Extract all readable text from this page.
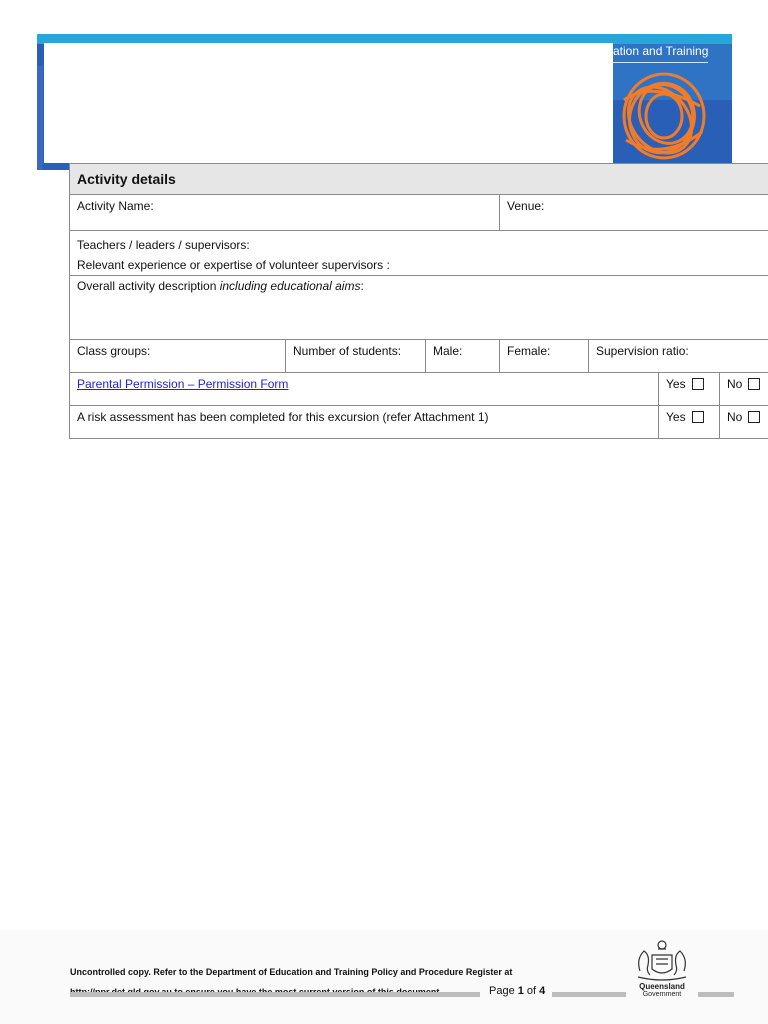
ation and Training
Activity details						
Activity Name:			Venue:			

Teachers / leaders / supervisors:
Relevant experience or expertise of volunteer supervisors :						

Overall activity description including educational aims:						
Class groups:	Number of students:	Male:	Female:	Supervision ratio:		
Parental Permission – Permission Form					Yes	No
A risk assessment has been completed for this excursion (refer Attachment 1)					Yes	No
Uncontrolled copy. Refer to the Department of Education and Training Policy and Procedure Register at
Page 1 of 4	Queensland
Government
